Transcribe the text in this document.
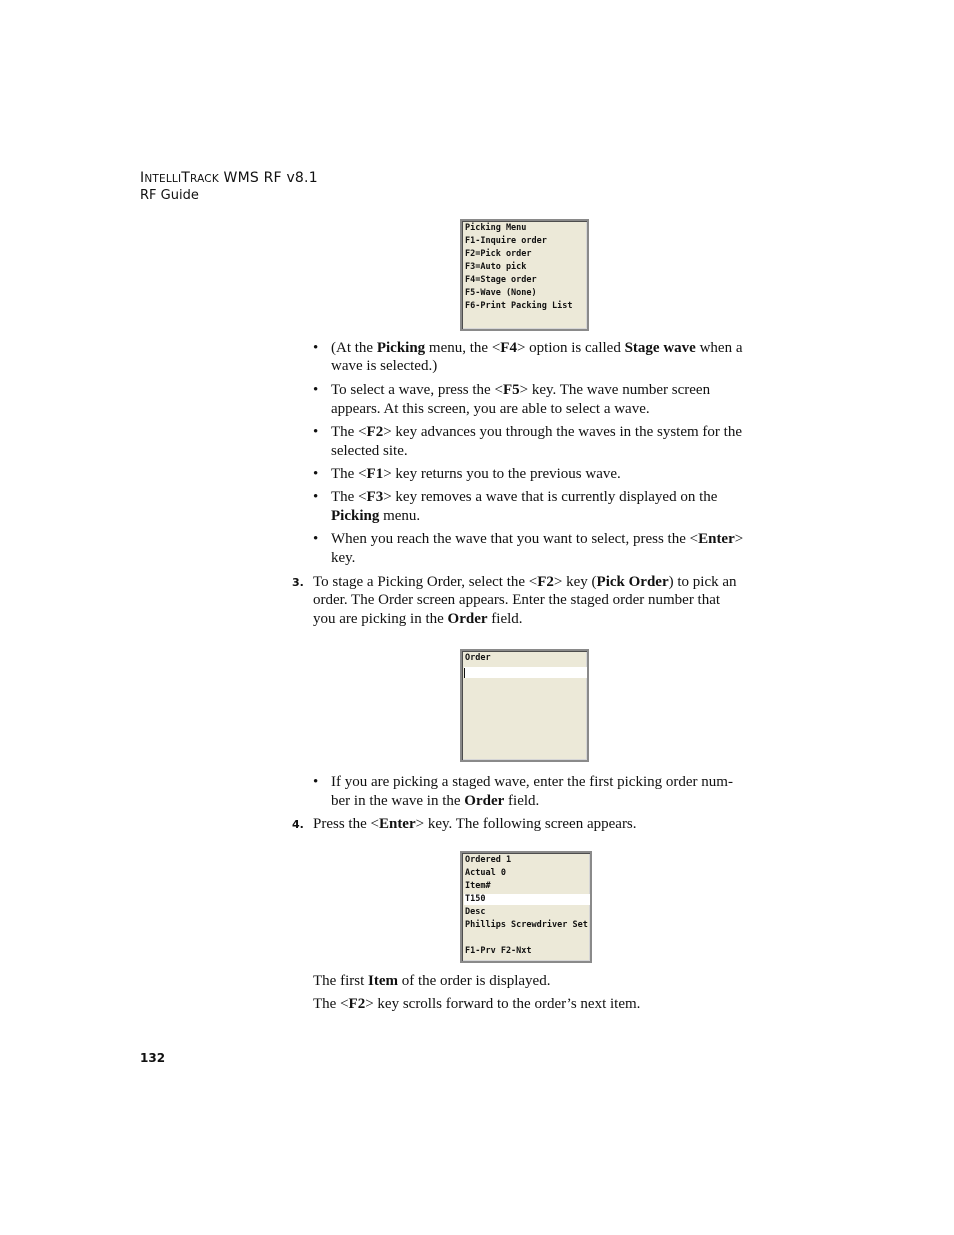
INTELLITRACK WMS RF v8.1
RF Guide
Picking Menu
F1-Inquire order
F2=Pick order
F3=Auto pick
F4=Stage order
F5-Wave (None)
F6-Print Packing List
• (At the Picking menu, the <F4> option is called Stage wave when a
wave is selected.)
• To select a wave, press the <F5> key. The wave number screen
appears. At this screen, you are able to select a wave.
• The <F2> key advances you through the waves in the system for the
selected site.
• The <F1> key returns you to the previous wave.
• The <F3> key removes a wave that is currently displayed on the
Picking menu.
• When you reach the wave that you want to select, press the <Enter>
key.
3. To stage a Picking Order, select the <F2> key (Pick Order) to pick an
order. The Order screen appears. Enter the staged order number that
you are picking in the Order field.
Order
• If you are picking a staged wave, enter the first picking order num-
ber in the wave in the Order field.
4. Press the <Enter> key. The following screen appears.
Ordered 1
Actual 0
Item#
T150
Desc
Phillips Screwdriver Set
F1-Prv F2-Nxt
The first Item of the order is displayed.
The <F2> key scrolls forward to the order’s next item.
132
